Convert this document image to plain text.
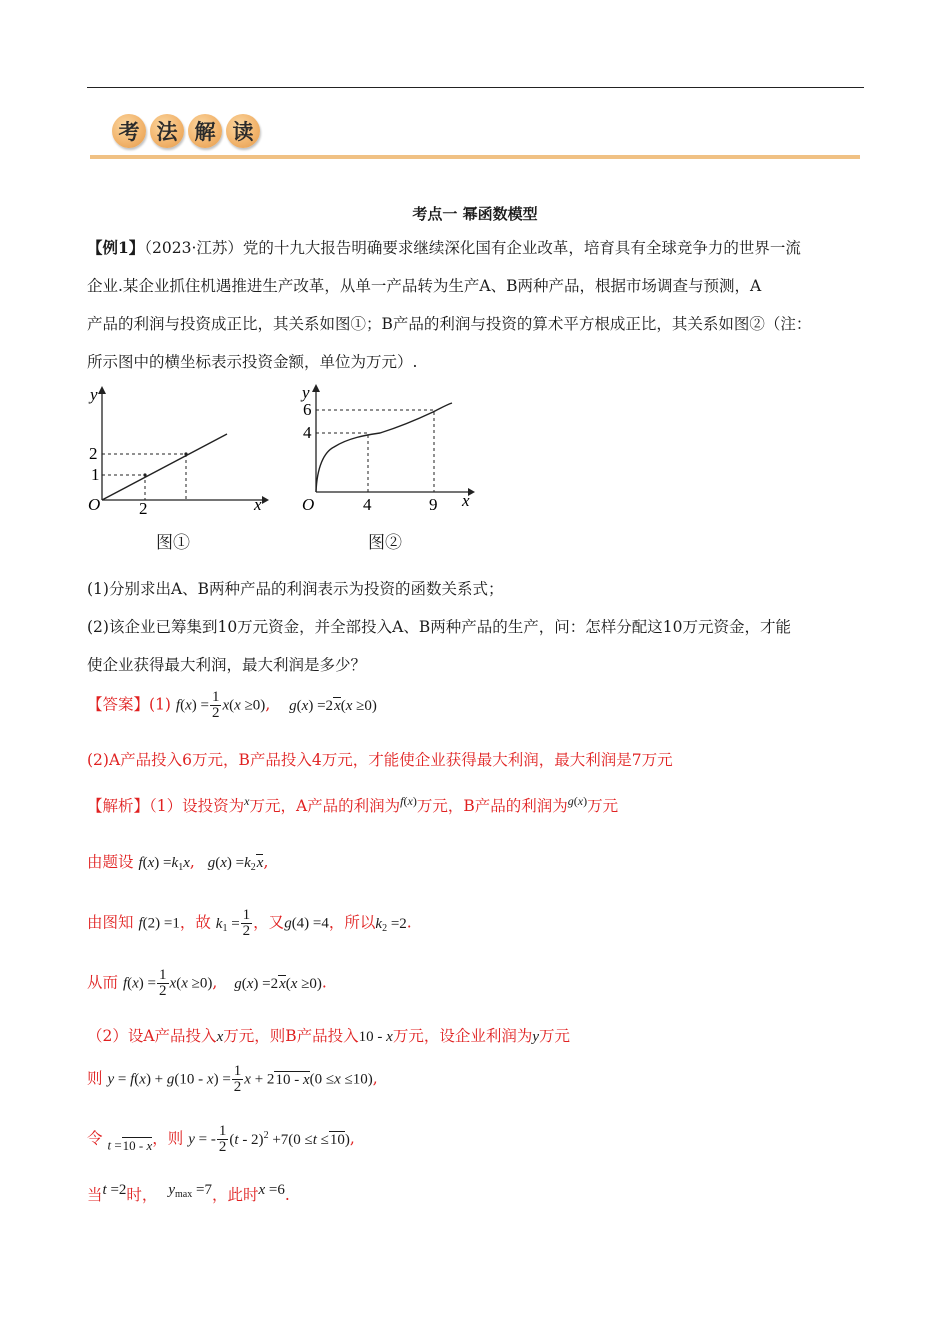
考 法 解 读
考点一 幂函数模型
【例1】（2023·江苏）党的十九大报告明确要求继续深化国有企业改革，培育具有全球竞争力的世界一流
企业.某企业抓住机遇推进生产改革，从单一产品转为生产A、B两种产品，根据市场调查与预测，A
产品的利润与投资成正比，其关系如图①；B产品的利润与投资的算术平方根成正比，其关系如图②（注：
所示图中的横坐标表示投资金额，单位为万元）.
y
x
O
2
1
2
图①
y
x
O
6
4
4	9
图②
(1)分别求出A、B两种产品的利润表示为投资的函数关系式；
(2)该企业已筹集到10万元资金，并全部投入A、B两种产品的生产，问：怎样分配这10万元资金，才能
使企业获得最大利润，最大利润是多少？
【答案】(1) $f(x) = \frac{1}{2} x(x \ge 0)$, g(x) =2x(x ≥0)
(2)A产品投入6万元，B产品投入4万元，才能使企业获得最大利润，最大利润是7万元
【解析】（1）设投资为$^x$万元，A产品的利润为$^{f(x)}$万元，B产品的利润为$^{g(x)}$万元
由题设 $f(x) =k_1x$, $g(x) =k_2x$,
由图知 f(2) =1，故 $k_1 = \frac{1}{2}$ ，又g(4) =4，所以$k_2 =2$.
从而 $f(x) = \frac{1}{2} x(x \ge 0)$, g(x) =2x(x ≥0).
（2）设A产品投入x万元，则B产品投入10 - x万元，设企业利润为y万元
则 $y = f(x) + g(10 - x) = \frac{1}{2}$ x + 210 - x(0 ≤x ≤10),
令 $_{t =10 - x}$，则 y = - $\frac{1}{2} (t - 2)^2 +7(0 \le t \le 10)$,
当t =2时， $y_{max} =7$，此时x =6.
